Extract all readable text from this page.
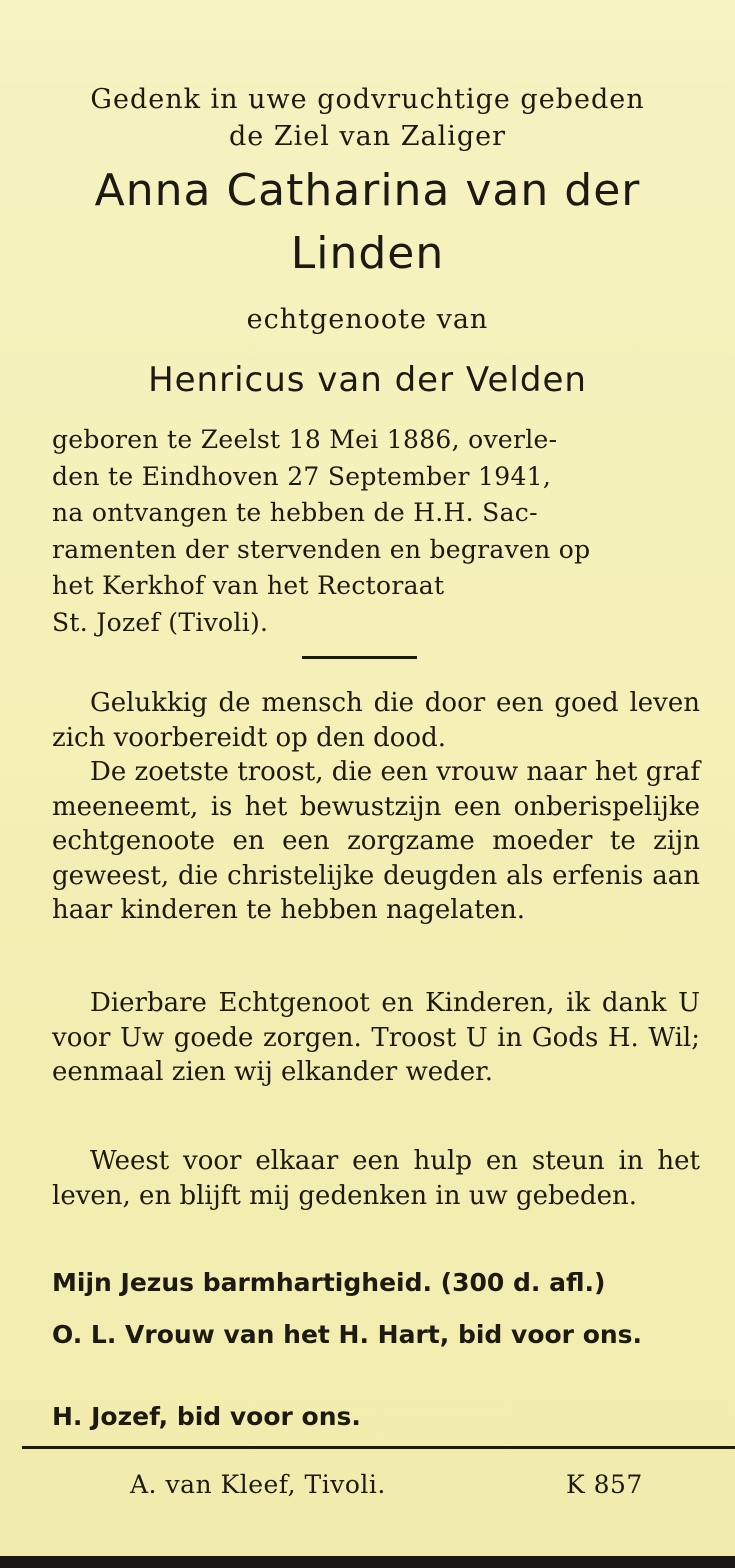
Gedenk in uwe godvruchtige gebeden
de Ziel van Zaliger
Anna Catharina van der
Linden
echtgenoote van
Henricus van der Velden
geboren te Zeelst 18 Mei 1886, overle-
den te Eindhoven 27 September 1941,
na ontvangen te hebben de H.H. Sac-
ramenten der stervenden en begraven op
het Kerkhof van het Rectoraat
St. Jozef (Tivoli).
Gelukkig de mensch die door een goed leven zich voorbereidt op den dood.
De zoetste troost, die een vrouw naar het graf meeneemt, is het bewustzijn een onberispelijke echtgenoote en een zorgzame moeder te zijn geweest, die christelijke deugden als erfenis aan haar kinderen te hebben nagelaten.
Dierbare Echtgenoot en Kinderen, ik dank U voor Uw goede zorgen. Troost U in Gods H. Wil; eenmaal zien wij elkander weder.
Weest voor elkaar een hulp en steun in het leven, en blijft mij gedenken in uw gebeden.
Mijn Jezus barmhartigheid. (300 d. afl.)
O. L. Vrouw van het H. Hart, bid voor ons.
H. Jozef, bid voor ons.
A. van Kleef, Tivoli.	K 857
